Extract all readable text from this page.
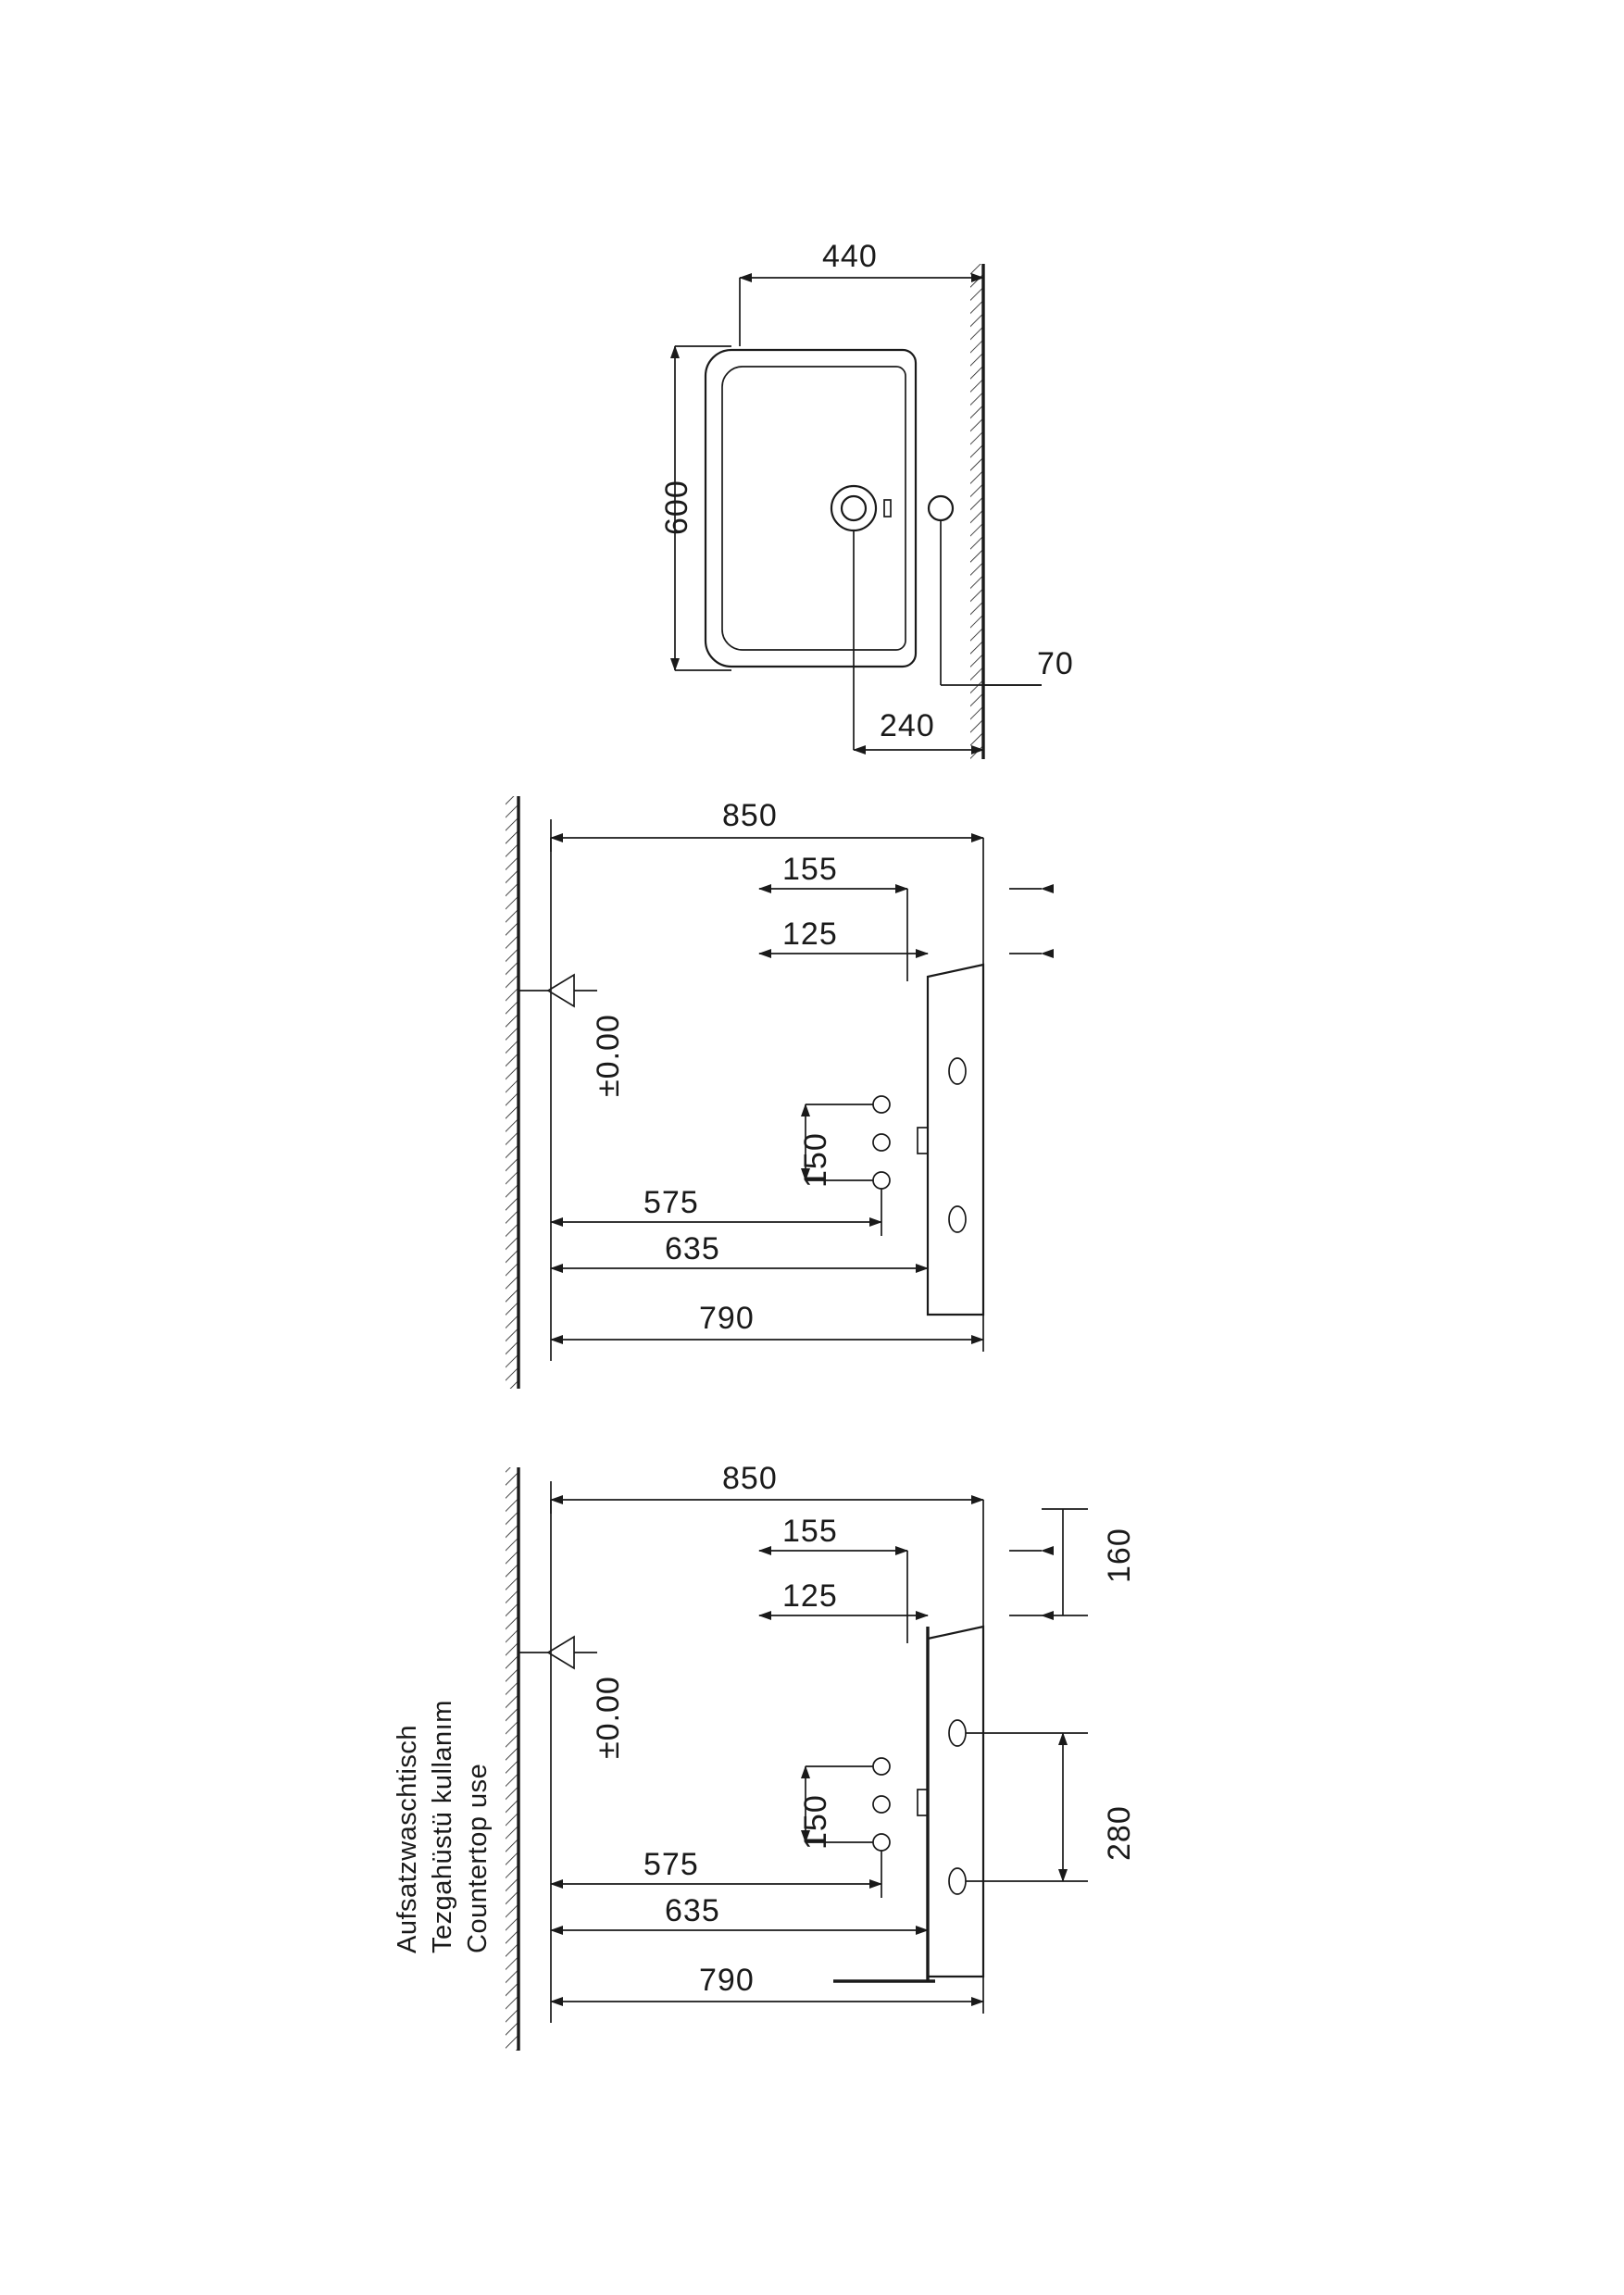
440
600
240
70
850
155
125
150
575
635
790
±0.00
850
155
125
160
280
150
575
635
790
±0.00
Countertop use
Tezgahüstü kullanım
Aufsatzwaschtisch
